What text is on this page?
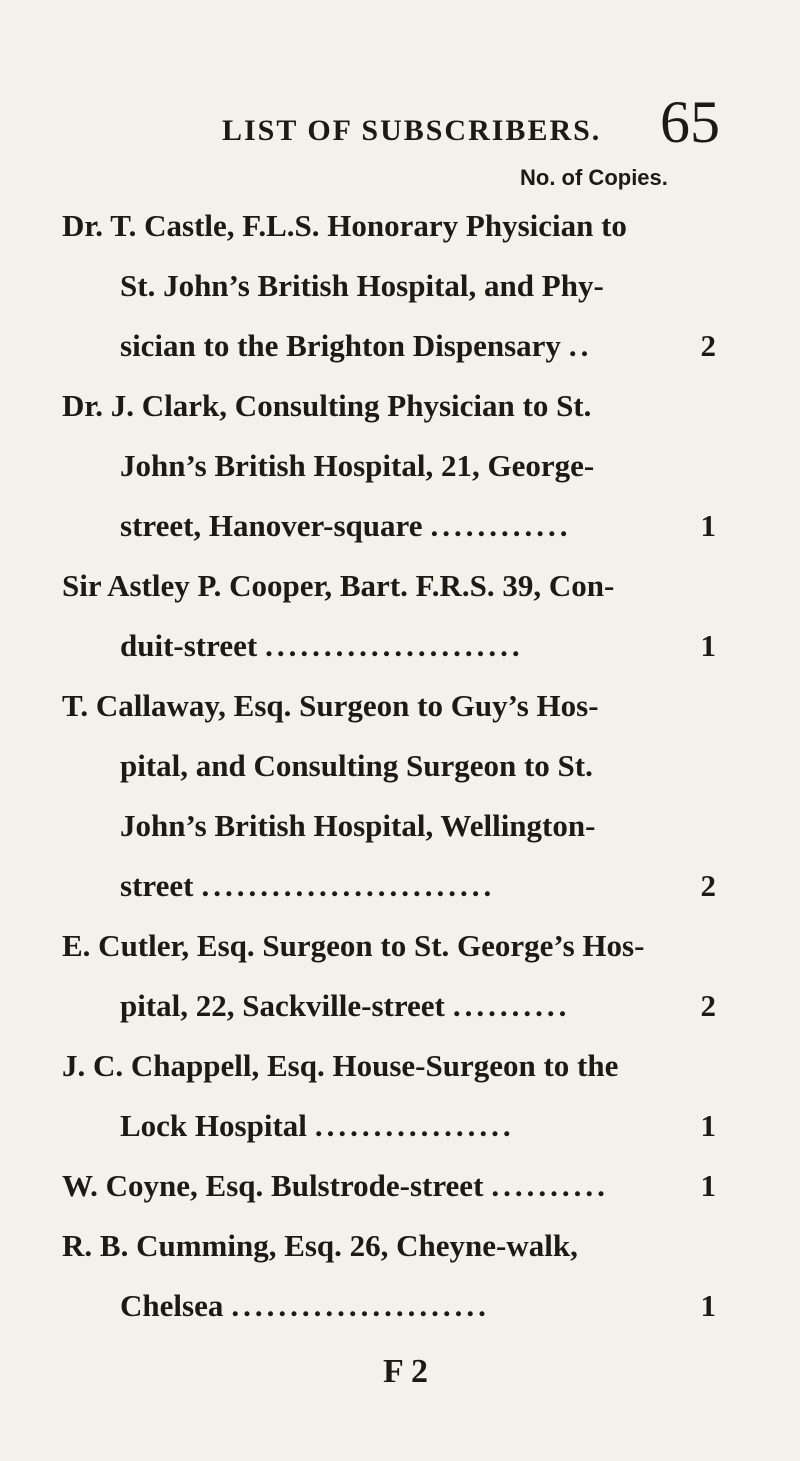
LIST OF SUBSCRIBERS. 65
No. of Copies.
Dr. T. Castle, F.L.S. Honorary Physician to
St. John’s British Hospital, and Phy-
sician to the Brighton Dispensary ..	2
Dr. J. Clark, Consulting Physician to St.
John’s British Hospital, 21, George-
street, Hanover-square ............	1
Sir Astley P. Cooper, Bart. F.R.S. 39, Con-
duit-street ......................	1
T. Callaway, Esq. Surgeon to Guy’s Hos-
pital, and Consulting Surgeon to St.
John’s British Hospital, Wellington-
street .........................	2
E. Cutler, Esq. Surgeon to St. George’s Hos-
pital, 22, Sackville-street ..........	2
J. C. Chappell, Esq. House-Surgeon to the
Lock Hospital .................	1
W. Coyne, Esq. Bulstrode-street ..........	1
R. B. Cumming, Esq. 26, Cheyne-walk,
Chelsea ......................	1
F 2
